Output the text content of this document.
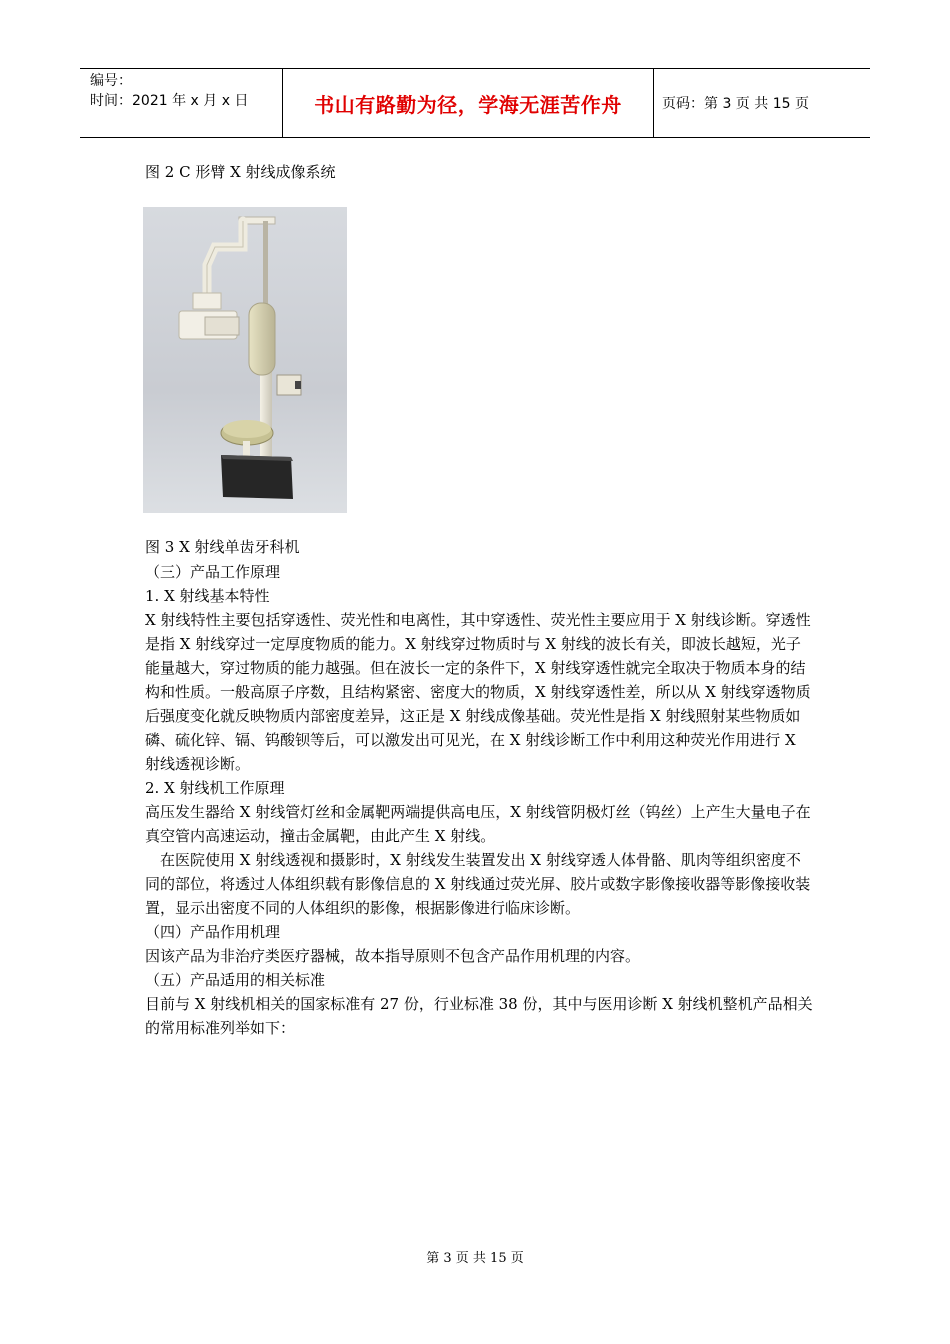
编号：
时间：2021 年 x 月 x 日	书山有路勤为径，学海无涯苦作舟	页码：第 3 页 共 15 页
图 2 C 形臂 X 射线成像系统
图 3 X 射线单齿牙科机

（三）产品工作原理

1. X 射线基本特性

X 射线特性主要包括穿透性、荧光性和电离性，其中穿透性、荧光性主要应用于 X 射线诊断。穿透性是指 X 射线穿过一定厚度物质的能力。X 射线穿过物质时与 X 射线的波长有关，即波长越短，光子能量越大，穿过物质的能力越强。但在波长一定的条件下，X 射线穿透性就完全取决于物质本身的结构和性质。一般高原子序数，且结构紧密、密度大的物质，X 射线穿透性差，所以从 X 射线穿透物质后强度变化就反映物质内部密度差异，这正是 X 射线成像基础。荧光性是指 X 射线照射某些物质如磷、硫化锌、镉、钨酸钡等后，可以激发出可见光，在 X 射线诊断工作中利用这种荧光作用进行 X 射线透视诊断。

2. X 射线机工作原理

高压发生器给 X 射线管灯丝和金属靶两端提供高电压，X 射线管阴极灯丝（钨丝）上产生大量电子在真空管内高速运动，撞击金属靶，由此产生 X 射线。

在医院使用 X 射线透视和摄影时，X 射线发生装置发出 X 射线穿透人体骨骼、肌肉等组织密度不同的部位，将透过人体组织载有影像信息的 X 射线通过荧光屏、胶片或数字影像接收器等影像接收装置，显示出密度不同的人体组织的影像，根据影像进行临床诊断。

（四）产品作用机理

因该产品为非治疗类医疗器械，故本指导原则不包含产品作用机理的内容。

（五）产品适用的相关标准

目前与 X 射线机相关的国家标准有 27 份，行业标准 38 份，其中与医用诊断 X 射线机整机产品相关的常用标准列举如下：

第 3 页 共 15 页
